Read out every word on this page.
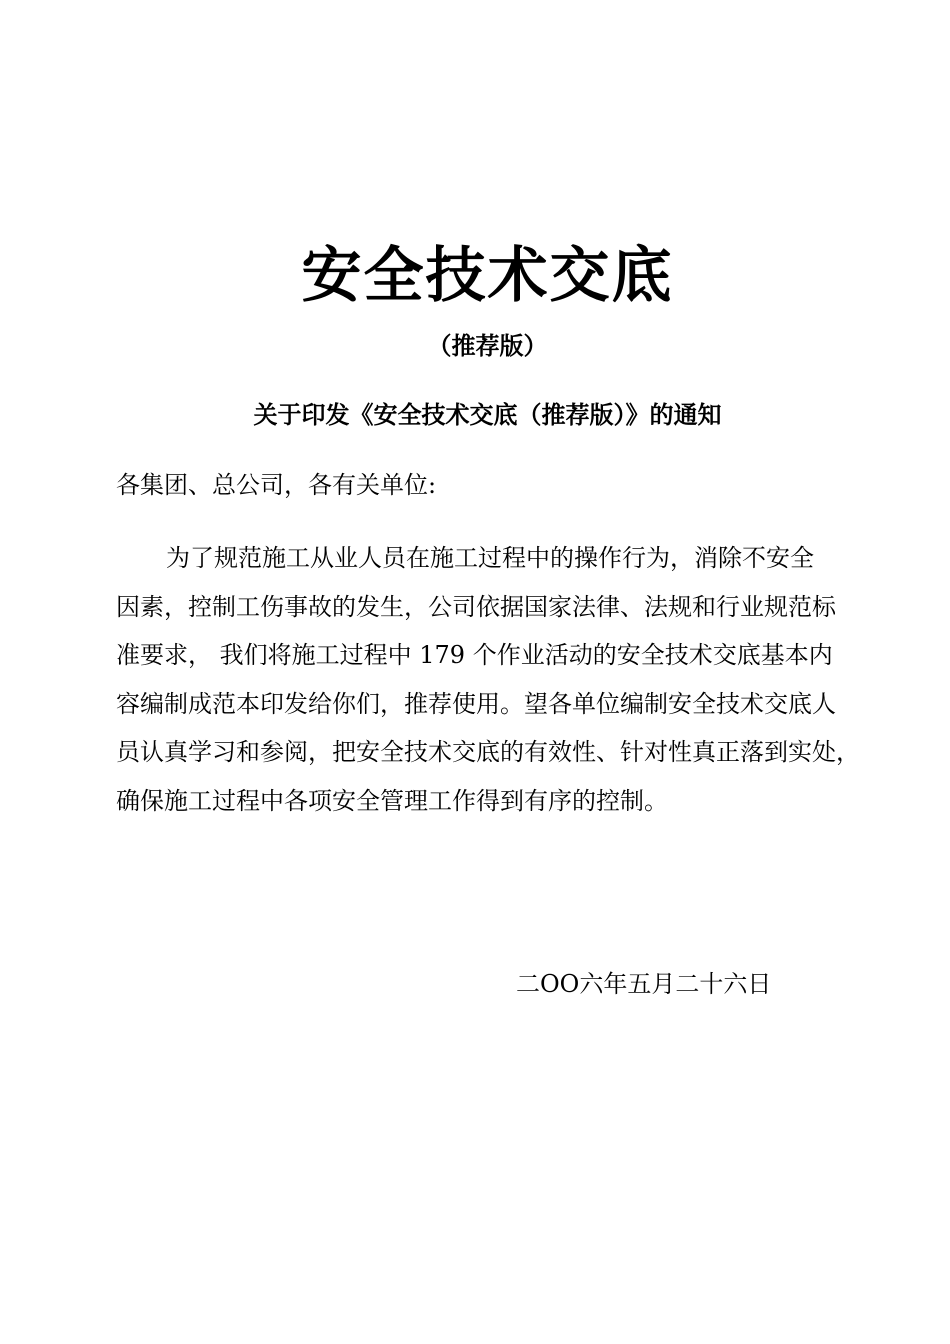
安全技术交底
（推荐版）
关于印发《安全技术交底（推荐版）》的通知
各集团、总公司，各有关单位:
为了规范施工从业人员在施工过程中的操作行为，消除不安全
因素，控制工伤事故的发生，公司依据国家法律、法规和行业规范标
准要求， 我们将施工过程中 179 个作业活动的安全技术交底基本内
容编制成范本印发给你们，推荐使用。望各单位编制安全技术交底人
员认真学习和参阅，把安全技术交底的有效性、针对性真正落到实处，
确保施工过程中各项安全管理工作得到有序的控制。
二OO六年五月二十六日
